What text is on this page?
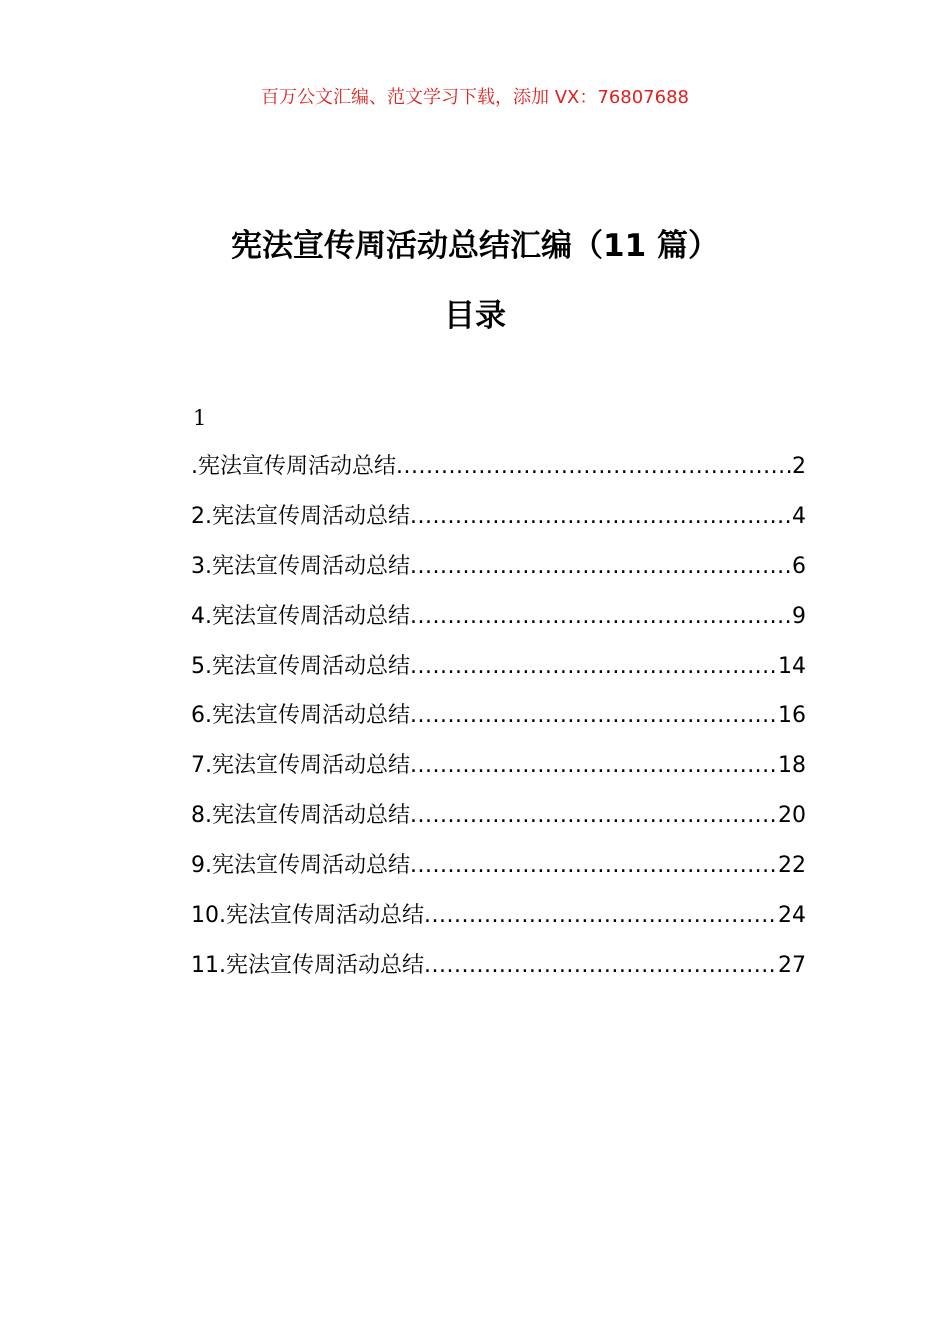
百万公文汇编、范文学习下载，添加 VX：76807688
宪法宣传周活动总结汇编（11 篇）
目录
1
.宪法宣传周活动总结 .....	2
2.宪法宣传周活动总结 .....	4
3.宪法宣传周活动总结 .....	6
4.宪法宣传周活动总结 .....	9
5.宪法宣传周活动总结 .....	14
6.宪法宣传周活动总结 .....	16
7.宪法宣传周活动总结 .....	18
8.宪法宣传周活动总结 .....	20
9.宪法宣传周活动总结 .....	22
10.宪法宣传周活动总结 .....	24
11.宪法宣传周活动总结 .....	27
